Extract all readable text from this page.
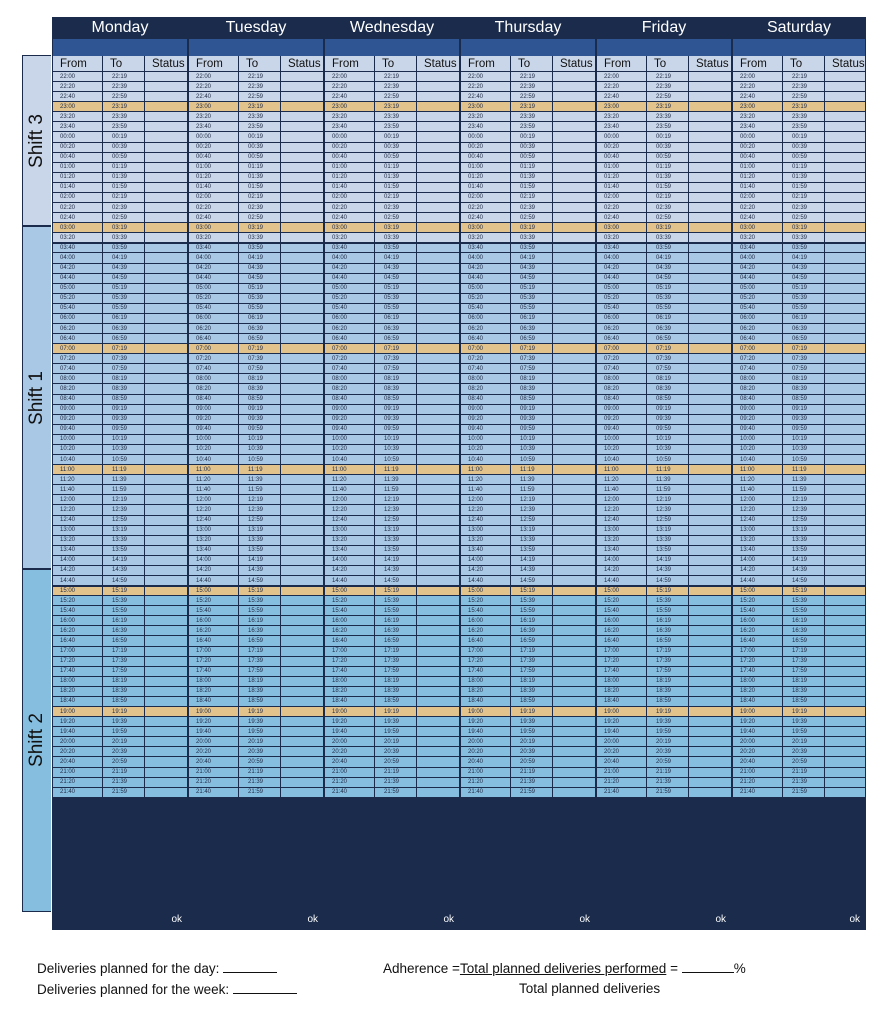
Monday
From To	Status
22:00	22:19
22:20	22:39
22:40	22:59
23:00	23:19
23:20	23:39
23:40	23:59
00:00	00:19
00:20	00:39
00:40	00:59
01:00	01:19
01:20	01:39
01:40	01:59
02:00	02:19
02:20	02:39
02:40	02:59
03:00	03:19
03:20	03:39
03:40	03:59
04:00	04:19
04:20	04:39
04:40	04:59
05:00	05:19
05:20	05:39
05:40	05:59
06:00	06:19
06:20	06:39
06:40	06:59
07:00	07:19
07:20	07:39
07:40	07:59
08:00	08:19
08:20	08:39
08:40	08:59
09:00	09:19
09:20	09:39
09:40	09:59
10:00	10:19
10:20	10:39
10:40	10:59
11:00	11:19
11:20	11:39
11:40	11:59
12:00	12:19
12:20	12:39
12:40	12:59
13:00	13:19
13:20	13:39
13:40	13:59
14:00	14:19
14:20	14:39
14:40	14:59
15:00	15:19
15:20	15:39
15:40	15:59
16:00	16:19
16:20	16:39
16:40	16:59
17:00	17:19
17:20	17:39
17:40	17:59
18:00	18:19
18:20	18:39
18:40	18:59
19:00	19:19
19:20	19:39
19:40	19:59
20:00	20:19
20:20	20:39
20:40	20:59
21:00	21:19
21:20	21:39
21:40	21:59
ok
Tuesday
From To	Status
22:00	22:19
22:20	22:39
22:40	22:59
23:00	23:19
23:20	23:39
23:40	23:59
00:00	00:19
00:20	00:39
00:40	00:59
01:00	01:19
01:20	01:39
01:40	01:59
02:00	02:19
02:20	02:39
02:40	02:59
03:00	03:19
03:20	03:39
03:40	03:59
04:00	04:19
04:20	04:39
04:40	04:59
05:00	05:19
05:20	05:39
05:40	05:59
06:00	06:19
06:20	06:39
06:40	06:59
07:00	07:19
07:20	07:39
07:40	07:59
08:00	08:19
08:20	08:39
08:40	08:59
09:00	09:19
09:20	09:39
09:40	09:59
10:00	10:19
10:20	10:39
10:40	10:59
11:00	11:19
11:20	11:39
11:40	11:59
12:00	12:19
12:20	12:39
12:40	12:59
13:00	13:19
13:20	13:39
13:40	13:59
14:00	14:19
14:20	14:39
14:40	14:59
15:00	15:19
15:20	15:39
15:40	15:59
16:00	16:19
16:20	16:39
16:40	16:59
17:00	17:19
17:20	17:39
17:40	17:59
18:00	18:19
18:20	18:39
18:40	18:59
19:00	19:19
19:20	19:39
19:40	19:59
20:00	20:19
20:20	20:39
20:40	20:59
21:00	21:19
21:20	21:39
21:40	21:59
ok
Wednesday
From To	Status
22:00	22:19
22:20	22:39
22:40	22:59
23:00	23:19
23:20	23:39
23:40	23:59
00:00	00:19
00:20	00:39
00:40	00:59
01:00	01:19
01:20	01:39
01:40	01:59
02:00	02:19
02:20	02:39
02:40	02:59
03:00	03:19
03:20	03:39
03:40	03:59
04:00	04:19
04:20	04:39
04:40	04:59
05:00	05:19
05:20	05:39
05:40	05:59
06:00	06:19
06:20	06:39
06:40	06:59
07:00	07:19
07:20	07:39
07:40	07:59
08:00	08:19
08:20	08:39
08:40	08:59
09:00	09:19
09:20	09:39
09:40	09:59
10:00	10:19
10:20	10:39
10:40	10:59
11:00	11:19
11:20	11:39
11:40	11:59
12:00	12:19
12:20	12:39
12:40	12:59
13:00	13:19
13:20	13:39
13:40	13:59
14:00	14:19
14:20	14:39
14:40	14:59
15:00	15:19
15:20	15:39
15:40	15:59
16:00	16:19
16:20	16:39
16:40	16:59
17:00	17:19
17:20	17:39
17:40	17:59
18:00	18:19
18:20	18:39
18:40	18:59
19:00	19:19
19:20	19:39
19:40	19:59
20:00	20:19
20:20	20:39
20:40	20:59
21:00	21:19
21:20	21:39
21:40	21:59
ok
Thursday
From To	Status
22:00	22:19
22:20	22:39
22:40	22:59
23:00	23:19
23:20	23:39
23:40	23:59
00:00	00:19
00:20	00:39
00:40	00:59
01:00	01:19
01:20	01:39
01:40	01:59
02:00	02:19
02:20	02:39
02:40	02:59
03:00	03:19
03:20	03:39
03:40	03:59
04:00	04:19
04:20	04:39
04:40	04:59
05:00	05:19
05:20	05:39
05:40	05:59
06:00	06:19
06:20	06:39
06:40	06:59
07:00	07:19
07:20	07:39
07:40	07:59
08:00	08:19
08:20	08:39
08:40	08:59
09:00	09:19
09:20	09:39
09:40	09:59
10:00	10:19
10:20	10:39
10:40	10:59
11:00	11:19
11:20	11:39
11:40	11:59
12:00	12:19
12:20	12:39
12:40	12:59
13:00	13:19
13:20	13:39
13:40	13:59
14:00	14:19
14:20	14:39
14:40	14:59
15:00	15:19
15:20	15:39
15:40	15:59
16:00	16:19
16:20	16:39
16:40	16:59
17:00	17:19
17:20	17:39
17:40	17:59
18:00	18:19
18:20	18:39
18:40	18:59
19:00	19:19
19:20	19:39
19:40	19:59
20:00	20:19
20:20	20:39
20:40	20:59
21:00	21:19
21:20	21:39
21:40	21:59
ok
Friday
From To	Status
22:00	22:19
22:20	22:39
22:40	22:59
23:00	23:19
23:20	23:39
23:40	23:59
00:00	00:19
00:20	00:39
00:40	00:59
01:00	01:19
01:20	01:39
01:40	01:59
02:00	02:19
02:20	02:39
02:40	02:59
03:00	03:19
03:20	03:39
03:40	03:59
04:00	04:19
04:20	04:39
04:40	04:59
05:00	05:19
05:20	05:39
05:40	05:59
06:00	06:19
06:20	06:39
06:40	06:59
07:00	07:19
07:20	07:39
07:40	07:59
08:00	08:19
08:20	08:39
08:40	08:59
09:00	09:19
09:20	09:39
09:40	09:59
10:00	10:19
10:20	10:39
10:40	10:59
11:00	11:19
11:20	11:39
11:40	11:59
12:00	12:19
12:20	12:39
12:40	12:59
13:00	13:19
13:20	13:39
13:40	13:59
14:00	14:19
14:20	14:39
14:40	14:59
15:00	15:19
15:20	15:39
15:40	15:59
16:00	16:19
16:20	16:39
16:40	16:59
17:00	17:19
17:20	17:39
17:40	17:59
18:00	18:19
18:20	18:39
18:40	18:59
19:00	19:19
19:20	19:39
19:40	19:59
20:00	20:19
20:20	20:39
20:40	20:59
21:00	21:19
21:20	21:39
21:40	21:59
ok
Saturday
From To	Status
22:00	22:19
22:20	22:39
22:40	22:59
23:00	23:19
23:20	23:39
23:40	23:59
00:00	00:19
00:20	00:39
00:40	00:59
01:00	01:19
01:20	01:39
01:40	01:59
02:00	02:19
02:20	02:39
02:40	02:59
03:00	03:19
03:20	03:39
03:40	03:59
04:00	04:19
04:20	04:39
04:40	04:59
05:00	05:19
05:20	05:39
05:40	05:59
06:00	06:19
06:20	06:39
06:40	06:59
07:00	07:19
07:20	07:39
07:40	07:59
08:00	08:19
08:20	08:39
08:40	08:59
09:00	09:19
09:20	09:39
09:40	09:59
10:00	10:19
10:20	10:39
10:40	10:59
11:00	11:19
11:20	11:39
11:40	11:59
12:00	12:19
12:20	12:39
12:40	12:59
13:00	13:19
13:20	13:39
13:40	13:59
14:00	14:19
14:20	14:39
14:40	14:59
15:00	15:19
15:20	15:39
15:40	15:59
16:00	16:19
16:20	16:39
16:40	16:59
17:00	17:19
17:20	17:39
17:40	17:59
18:00	18:19
18:20	18:39
18:40	18:59
19:00	19:19
19:20	19:39
19:40	19:59
20:00	20:19
20:20	20:39
20:40	20:59
21:00	21:19
21:20	21:39
21:40	21:59
ok
Shift 3
Shift 1
Shift 2
Deliveries planned for the day:
Deliveries planned for the week:
Adherence =Total planned deliveries performed =	%
Total planned deliveries
